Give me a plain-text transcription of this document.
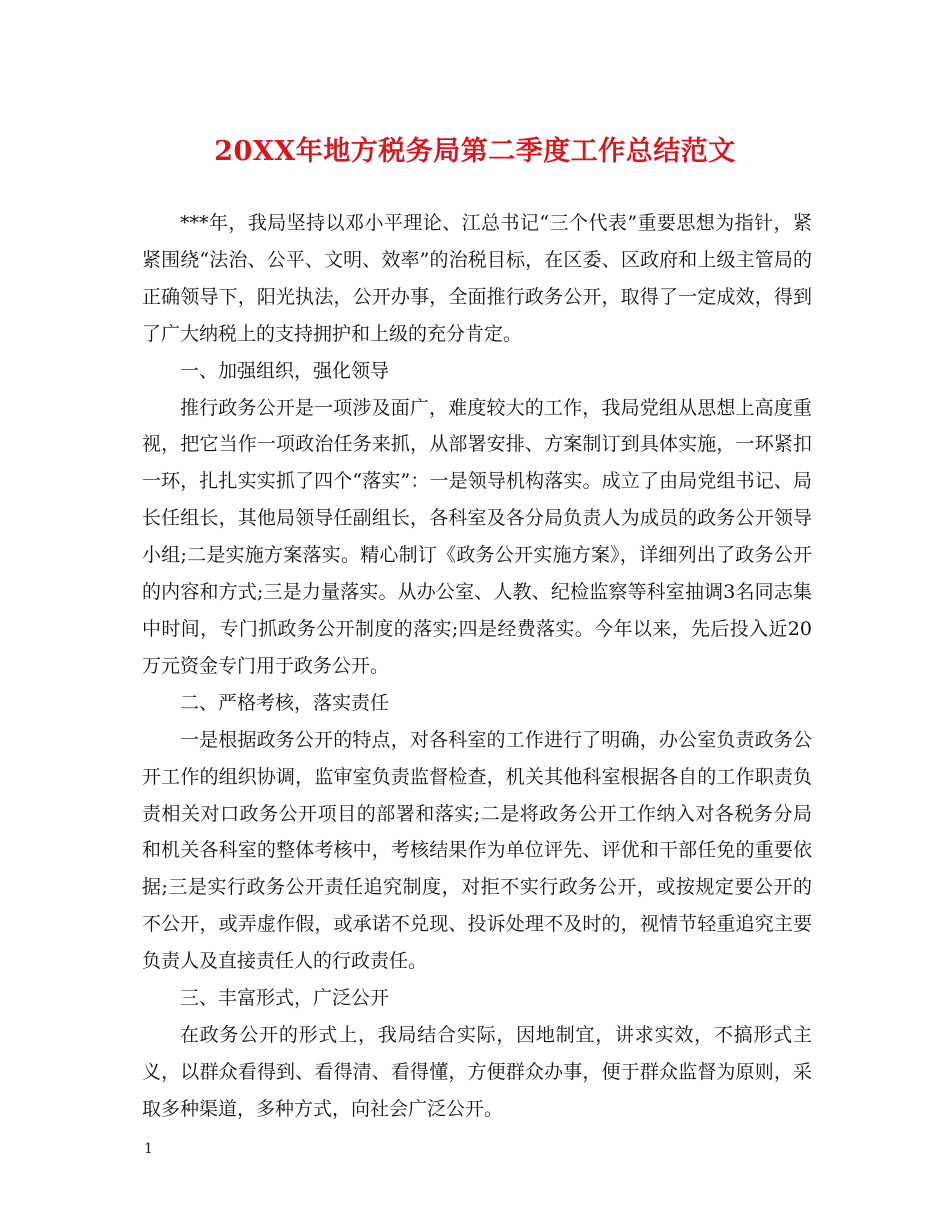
20XX年地方税务局第二季度工作总结范文

***年，我局坚持以邓小平理论、江总书记“三个代表”重要思想为指针，紧紧围绕“法治、公平、文明、效率”的治税目标，在区委、区政府和上级主管局的正确领导下，阳光执法，公开办事，全面推行政务公开，取得了一定成效，得到了广大纳税上的支持拥护和上级的充分肯定。

一、加强组织，强化领导

推行政务公开是一项涉及面广，难度较大的工作，我局党组从思想上高度重视，把它当作一项政治任务来抓，从部署安排、方案制订到具体实施，一环紧扣一环，扎扎实实抓了四个“落实”：一是领导机构落实。成立了由局党组书记、局长任组长，其他局领导任副组长，各科室及各分局负责人为成员的政务公开领导小组;二是实施方案落实。精心制订《政务公开实施方案》，详细列出了政务公开的内容和方式;三是力量落实。从办公室、人教、纪检监察等科室抽调3名同志集中时间，专门抓政务公开制度的落实;四是经费落实。今年以来，先后投入近20万元资金专门用于政务公开。

二、严格考核，落实责任

一是根据政务公开的特点，对各科室的工作进行了明确，办公室负责政务公开工作的组织协调，监审室负责监督检查，机关其他科室根据各自的工作职责负责相关对口政务公开项目的部署和落实;二是将政务公开工作纳入对各税务分局和机关各科室的整体考核中，考核结果作为单位评先、评优和干部任免的重要依据;三是实行政务公开责任追究制度，对拒不实行政务公开，或按规定要公开的不公开，或弄虚作假，或承诺不兑现、投诉处理不及时的，视情节轻重追究主要负责人及直接责任人的行政责任。

三、丰富形式，广泛公开

在政务公开的形式上，我局结合实际，因地制宜，讲求实效，不搞形式主义，以群众看得到、看得清、看得懂，方便群众办事，便于群众监督为原则，采取多种渠道，多种方式，向社会广泛公开。

1
